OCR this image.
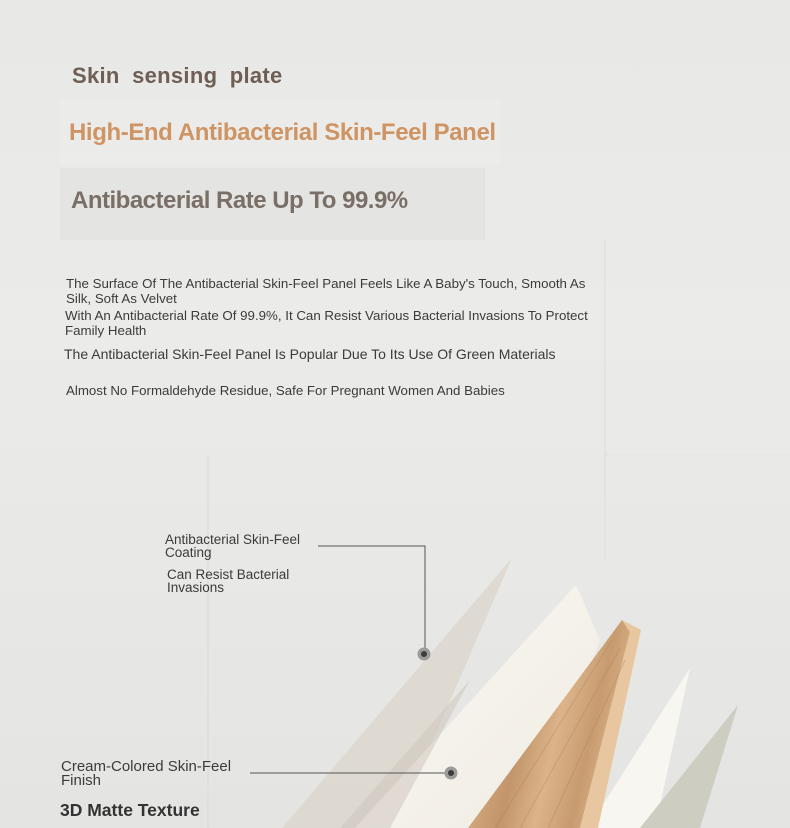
Skin sensing plate
High-End Antibacterial Skin-Feel Panel
Antibacterial Rate Up To 99.9%
The Surface Of The Antibacterial Skin-Feel Panel Feels Like A Baby's Touch, Smooth As Silk, Soft As Velvet
With An Antibacterial Rate Of 99.9%, It Can Resist Various Bacterial Invasions To Protect Family Health
The Antibacterial Skin-Feel Panel Is Popular Due To Its Use Of Green Materials
Almost No Formaldehyde Residue, Safe For Pregnant Women And Babies
Antibacterial Skin-Feel Coating
Can Resist Bacterial Invasions
Cream-Colored Skin-Feel Finish
3D Matte Texture
